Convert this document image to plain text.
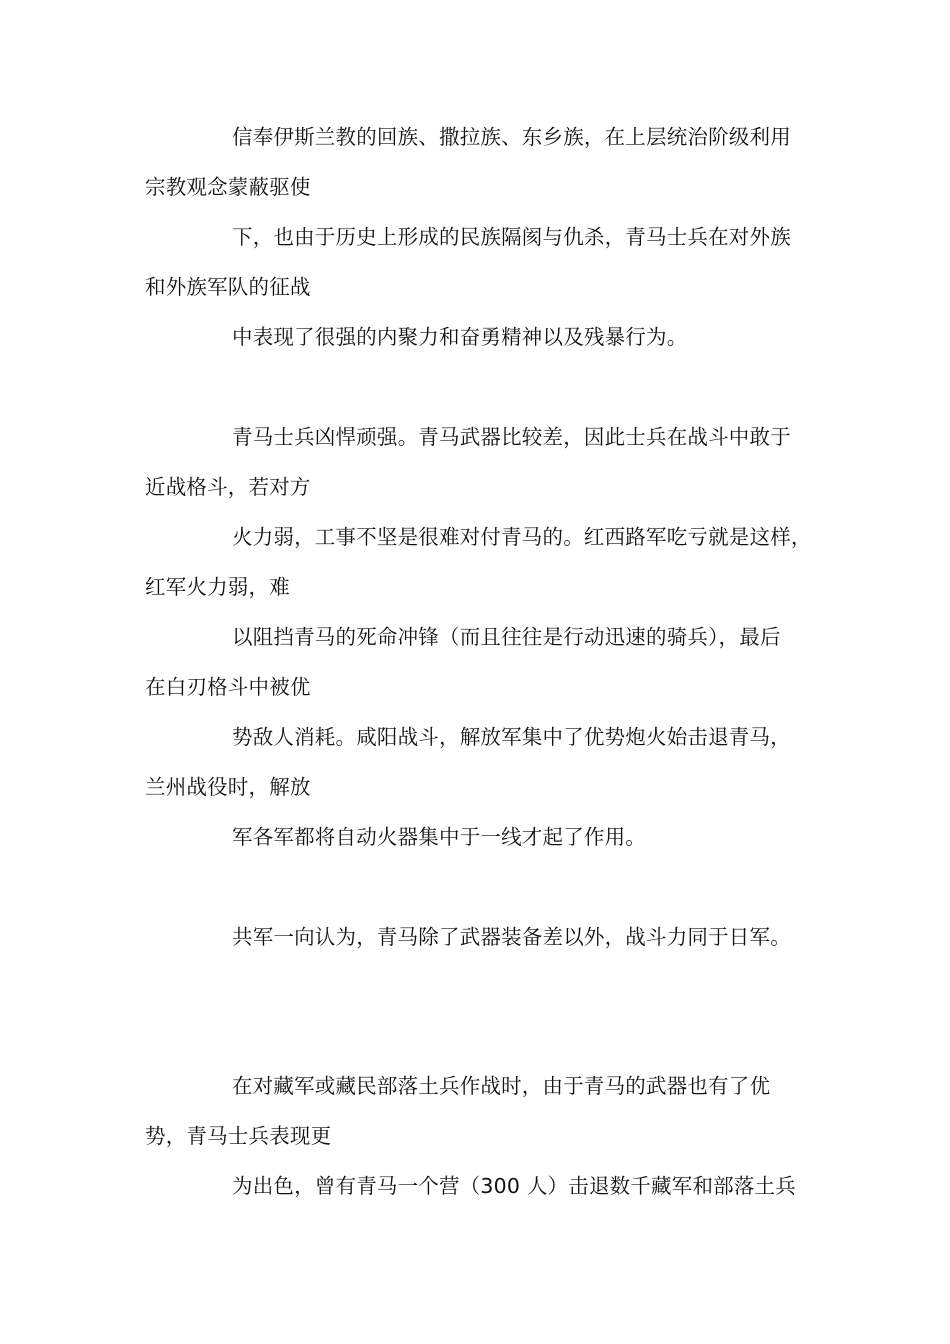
信奉伊斯兰教的回族、撒拉族、东乡族，在上层统治阶级利用
宗教观念蒙蔽驱使
下，也由于历史上形成的民族隔阂与仇杀，青马士兵在对外族
和外族军队的征战
中表现了很强的内聚力和奋勇精神以及残暴行为。
青马士兵凶悍顽强。青马武器比较差，因此士兵在战斗中敢于
近战格斗，若对方
火力弱，工事不坚是很难对付青马的。红西路军吃亏就是这样，
红军火力弱，难
以阻挡青马的死命冲锋（而且往往是行动迅速的骑兵），最后
在白刃格斗中被优
势敌人消耗。咸阳战斗，解放军集中了优势炮火始击退青马，
兰州战役时，解放
军各军都将自动火器集中于一线才起了作用。
共军一向认为，青马除了武器装备差以外，战斗力同于日军。
在对藏军或藏民部落土兵作战时，由于青马的武器也有了优
势，青马士兵表现更
为出色，曾有青马一个营（300 人）击退数千藏军和部落土兵
